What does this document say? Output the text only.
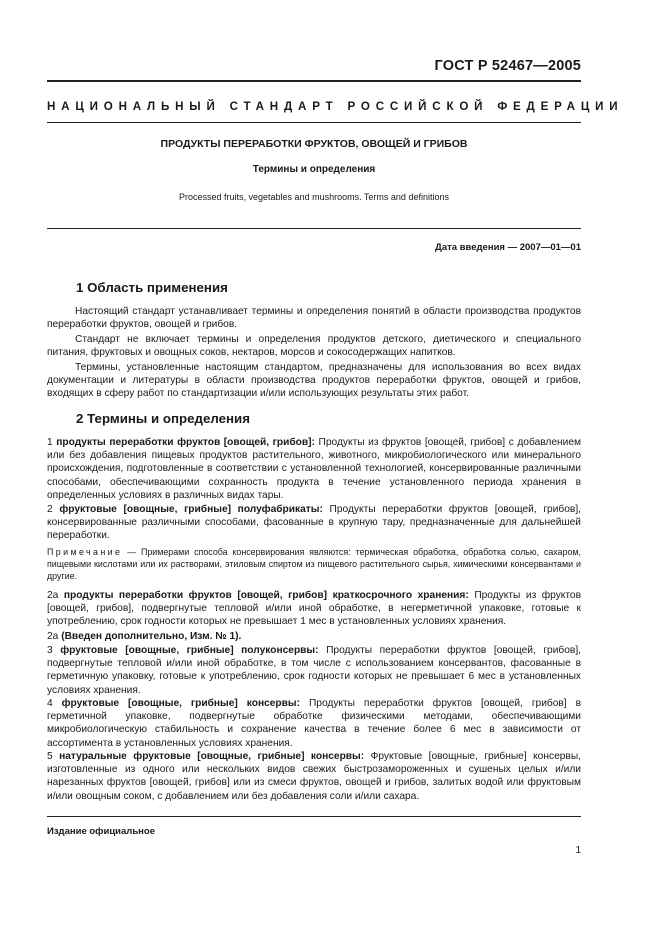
ГОСТ Р 52467—2005
НАЦИОНАЛЬНЫЙ СТАНДАРТ РОССИЙСКОЙ ФЕДЕРАЦИИ
ПРОДУКТЫ ПЕРЕРАБОТКИ ФРУКТОВ, ОВОЩЕЙ И ГРИБОВ
Термины и определения
Processed fruits, vegetables and mushrooms. Terms and definitions
Дата введения — 2007—01—01
1 Область применения

Настоящий стандарт устанавливает термины и определения понятий в области производства продуктов переработки фруктов, овощей и грибов.

Стандарт не включает термины и определения продуктов детского, диетического и специального питания, фруктовых и овощных соков, нектаров, морсов и сокосодержащих напитков.

Термины, установленные настоящим стандартом, предназначены для использования во всех видах документации и литературы в области производства продуктов переработки фруктов, овощей и грибов, входящих в сферу работ по стандартизации и/или использующих результаты этих работ.

2 Термины и определения

1 продукты переработки фруктов [овощей, грибов]: Продукты из фруктов [овощей, грибов] с добавлением или без добавления пищевых продуктов растительного, животного, микробиологического или минерального происхождения, подготовленные в соответствии с установленной технологией, консервированные различными способами, обеспечивающими сохранность продукта в течение установленного периода хранения в определенных условиях в различных видах тары.

2 фруктовые [овощные, грибные] полуфабрикаты: Продукты переработки фруктов [овощей, грибов], консервированные различными способами, фасованные в крупную тару, предназначенные для дальнейшей переработки.

Примечание — Примерами способа консервирования являются: термическая обработка, обработка солью, сахаром, пищевыми кислотами или их растворами, этиловым спиртом из пищевого растительного сырья, химическими консервантами и другие.

2а продукты переработки фруктов [овощей, грибов] краткосрочного хранения: Продукты из фруктов [овощей, грибов], подвергнутые тепловой и/или иной обработке, в негерметичной упаковке, готовые к употреблению, срок годности которых не превышает 1 мес в установленных условиях хранения.

2а (Введен дополнительно, Изм. № 1).

3 фруктовые [овощные, грибные] полуконсервы: Продукты переработки фруктов [овощей, грибов], подвергнутые тепловой и/или иной обработке, в том числе с использованием консервантов, фасованные в герметичную упаковку, готовые к употреблению, срок годности которых не превышает 6 мес в установленных условиях хранения.

4 фруктовые [овощные, грибные] консервы: Продукты переработки фруктов [овощей, грибов] в герметичной упаковке, подвергнутые обработке физическими методами, обеспечивающими микробиологическую стабильность и сохранение качества в течение более 6 мес в зависимости от ассортимента в установленных условиях хранения.

5 натуральные фруктовые [овощные, грибные] консервы: Фруктовые [овощные, грибные] консервы, изготовленные из одного или нескольких видов свежих быстрозамороженных и сушеных целых и/или нарезанных фруктов [овощей, грибов] или из смеси фруктов, овощей и грибов, залитых водой или фруктовым и/или овощным соком, с добавлением или без добавления соли и/или сахара.

Издание официальное
1
